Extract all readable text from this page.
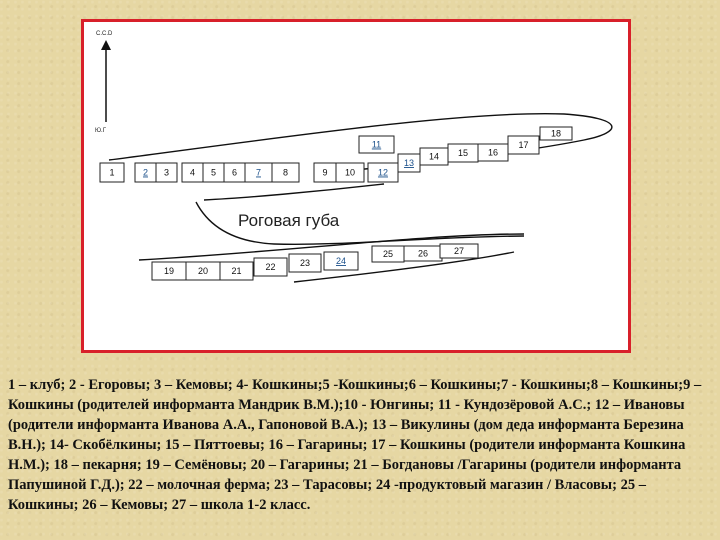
C.C.D
Ю.Г
Роговая губа
1	2 3 4 5 6 7 8	9 10
11
12
13
14 15 16
17
18
19	20	21	22	23	24
25	26	27
1 – клуб; 2 - Егоровы; 3 – Кемовы; 4- Кошкины;5 -Кошкины;6 – Кошкины;7 - Кошкины;8 – Кошкины;9 –Кошкины (родителей информанта Мандрик В.М.);10 - Юнгины; 11 - Кундозёровой А.С.; 12 – Ивановы (родители информанта Иванова А.А., Гапоновой В.А.); 13 – Викулины (дом деда информанта Березина В.Н.); 14- Скобёлкины; 15 – Пяттоевы; 16 – Гагарины; 17 – Кошкины (родители информанта Кошкина Н.М.); 18 – пекарня; 19 – Семёновы; 20 – Гагарины; 21 – Богдановы /Гагарины (родители информанта Папушиной Г.Д.); 22 – молочная ферма; 23 – Тарасовы; 24 -продуктовый магазин / Власовы; 25 – Кошкины; 26 – Кемовы; 27 – школа 1-2 класс.
